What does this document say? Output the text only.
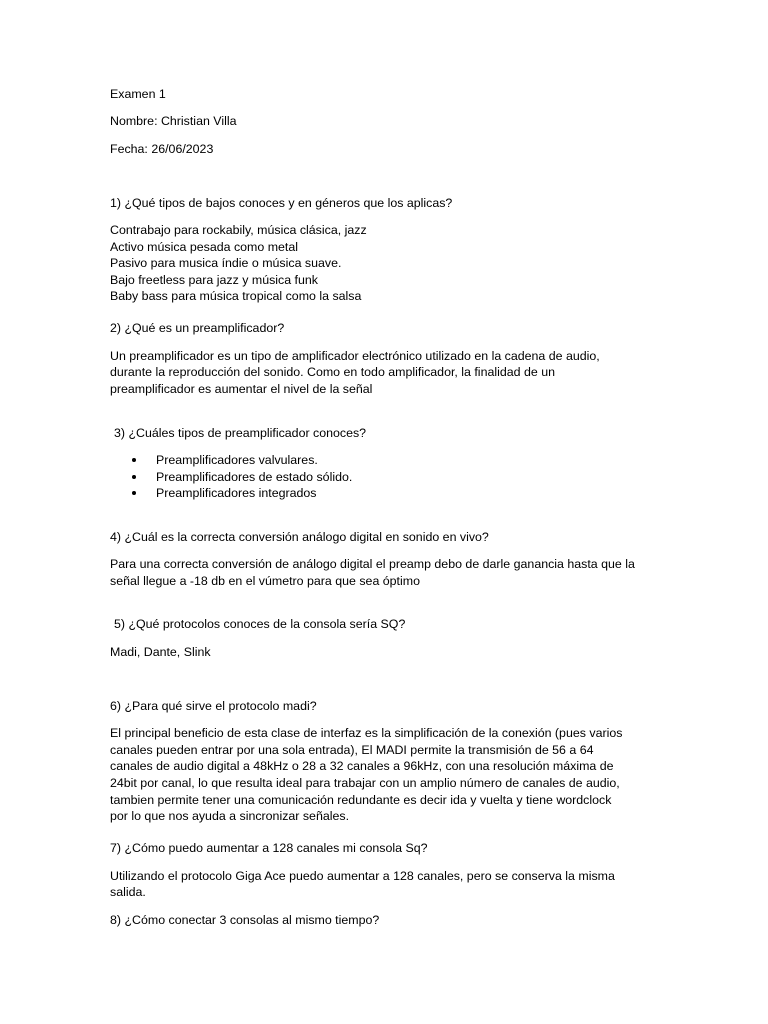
Examen 1

Nombre: Christian Villa

Fecha: 26/06/2023

1) ¿Qué tipos de bajos conoces y en géneros que los aplicas?

Contrabajo para rockabily, música clásica, jazz

Activo música pesada como metal

Pasivo para musica índie o música suave.

Bajo freetless para jazz y música funk

Baby bass para música tropical como la salsa

2) ¿Qué es un preamplificador?

Un preamplificador es un tipo de amplificador electrónico utilizado en la cadena de audio,

durante la reproducción del sonido. Como en todo amplificador, la finalidad de un

preamplificador es aumentar el nivel de la señal

3) ¿Cuáles tipos de preamplificador conoces?

Preamplificadores valvulares.
Preamplificadores de estado sólido.
Preamplificadores integrados

4) ¿Cuál es la correcta conversión análogo digital en sonido en vivo?

Para una correcta conversión de análogo digital el preamp debo de darle ganancia hasta que la

señal llegue a -18 db en el vúmetro para que sea óptimo

5) ¿Qué protocolos conoces de la consola sería SQ?

Madi, Dante, Slink

6) ¿Para qué sirve el protocolo madi?

El principal beneficio de esta clase de interfaz es la simplificación de la conexión (pues varios

canales pueden entrar por una sola entrada), El MADI permite la transmisión de 56 a 64

canales de audio digital a 48kHz o 28 a 32 canales a 96kHz, con una resolución máxima de

24bit por canal, lo que resulta ideal para trabajar con un amplio número de canales de audio,

tambien permite tener una comunicación redundante es decir ida y vuelta y tiene wordclock

por lo que nos ayuda a sincronizar señales.

7) ¿Cómo puedo aumentar a 128 canales mi consola Sq?

Utilizando el protocolo Giga Ace puedo aumentar a 128 canales, pero se conserva la misma

salida.

8) ¿Cómo conectar 3 consolas al mismo tiempo?
